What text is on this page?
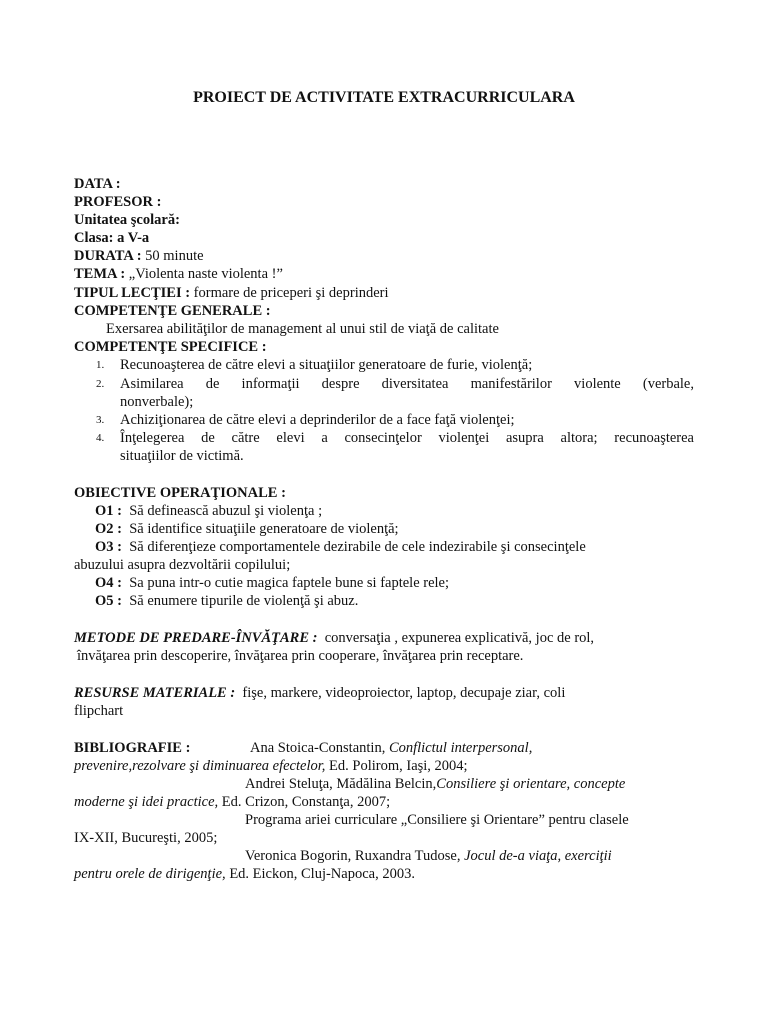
PROIECT DE ACTIVITATE EXTRACURRICULARA
DATA :
PROFESOR :
Unitatea şcolară:
Clasa: a V-a
DURATA : 50 minute
TEMA : „Violenta naste violenta !”
TIPUL LECŢIEI : formare de priceperi şi deprinderi
COMPETENŢE GENERALE :
Exersarea abilităţilor de management al unui stil de viaţă de calitate
COMPETENŢE SPECIFICE :
1. Recunoaşterea de către elevi a situaţiilor generatoare de furie, violenţă;
2. Asimilarea de informaţii despre diversitatea manifestărilor violente (verbale,
nonverbale);
3. Achiziţionarea de către elevi a deprinderilor de a face faţă violenţei;
4. Înţelegerea de către elevi a consecinţelor violenţei asupra altora; recunoaşterea
situaţiilor de victimă.
OBIECTIVE OPERAŢIONALE :
O1 : Să definească abuzul şi violenţa ;
O2 : Să identifice situaţiile generatoare de violenţă;
O3 : Să diferenţieze comportamentele dezirabile de cele indezirabile şi consecinţele
abuzului asupra dezvoltării copilului;
O4 : Sa puna intr-o cutie magica faptele bune si faptele rele;
O5 : Să enumere tipurile de violenţă şi abuz.
METODE DE PREDARE-ÎNVĂŢARE : conversaţia , expunerea explicativă, joc de rol,
învăţarea prin descoperire, învăţarea prin cooperare, învăţarea prin receptare.
RESURSE MATERIALE : fişe, markere, videoproiector, laptop, decupaje ziar, coli
flipchart
BIBLIOGRAFIE :	Ana Stoica-Constantin, Conflictul interpersonal,
prevenire,rezolvare şi diminuarea efectelor, Ed. Polirom, Iaşi, 2004;
Andrei Steluţa, Mădălina Belcin,Consiliere şi orientare, concepte
moderne şi idei practice, Ed. Crizon, Constanţa, 2007;
Programa ariei curriculare „Consiliere şi Orientare” pentru clasele
IX-XII, Bucureşti, 2005;
Veronica Bogorin, Ruxandra Tudose, Jocul de-a viaţa, exerciţii
pentru orele de dirigenţie, Ed. Eickon, Cluj-Napoca, 2003.
